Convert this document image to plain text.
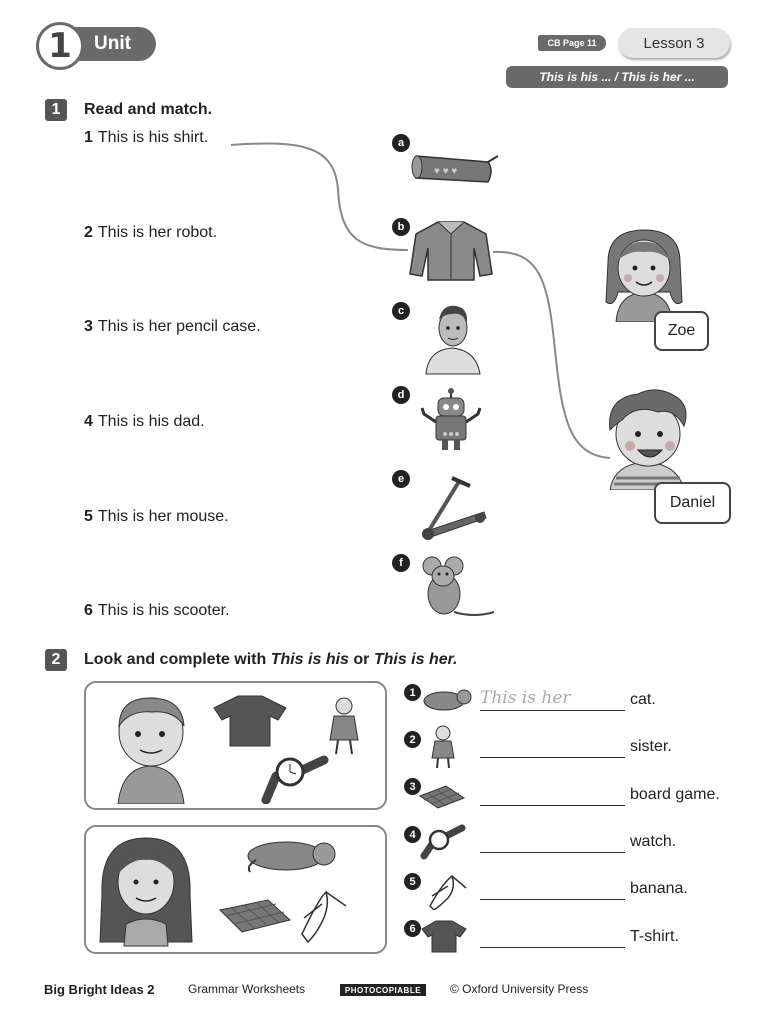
1	Unit	CB Page 11	Lesson 3
This is his ... / This is her ...
1	Read and match.
1 This is his shirt.
2 This is her robot.
3 This is her pencil case.
4 This is his dad.
5 This is her mouse.
6 This is his scooter.
a
b
c
d
e
f
♥ ♥ ♥
Zoe
Daniel
2	Look and complete with This is his or This is her.
1	This is her	cat.
2	sister.
3	board game.
4	watch.
5	banana.
6	T-shirt.
Big Bright Ideas 2	Grammar Worksheets	PHOTOCOPIABLE	© Oxford University Press
